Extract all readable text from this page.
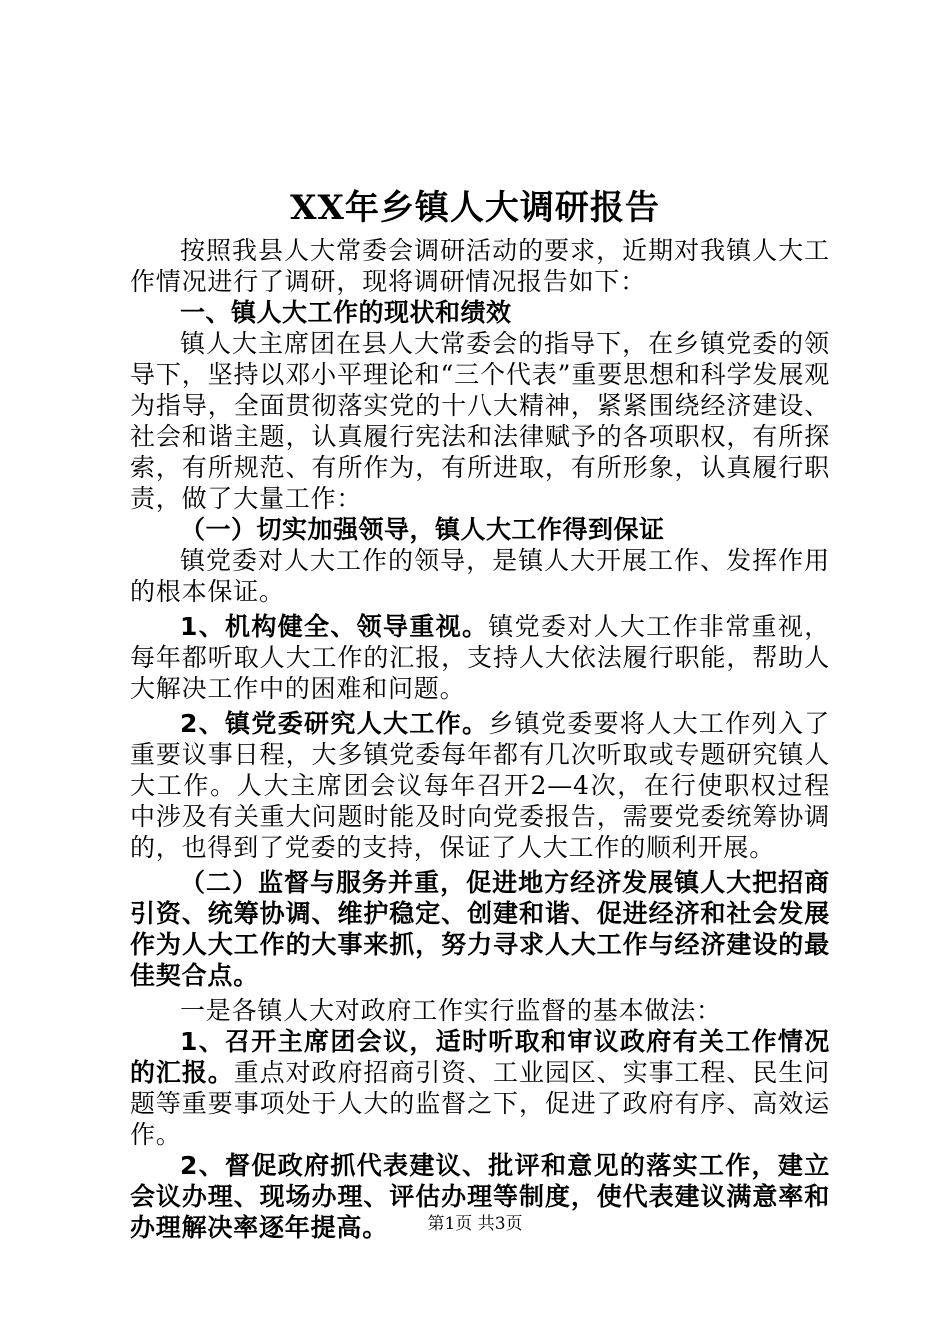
XX年乡镇人大调研报告

按照我县人大常委会调研活动的要求，近期对我镇人大工作情况进行了调研，现将调研情况报告如下：

一、镇人大工作的现状和绩效

镇人大主席团在县人大常委会的指导下，在乡镇党委的领导下，坚持以邓小平理论和“三个代表”重要思想和科学发展观为指导，全面贯彻落实党的十八大精神，紧紧围绕经济建设、社会和谐主题，认真履行宪法和法律赋予的各项职权，有所探索，有所规范、有所作为，有所进取，有所形象，认真履行职责，做了大量工作：

（一）切实加强领导，镇人大工作得到保证

镇党委对人大工作的领导，是镇人大开展工作、发挥作用的根本保证。

1、机构健全、领导重视。镇党委对人大工作非常重视，每年都听取人大工作的汇报，支持人大依法履行职能，帮助人大解决工作中的困难和问题。

2、镇党委研究人大工作。乡镇党委要将人大工作列入了重要议事日程，大多镇党委每年都有几次听取或专题研究镇人大工作。人大主席团会议每年召开2—4次，在行使职权过程中涉及有关重大问题时能及时向党委报告，需要党委统筹协调的，也得到了党委的支持，保证了人大工作的顺利开展。

（二）监督与服务并重，促进地方经济发展镇人大把招商引资、统筹协调、维护稳定、创建和谐、促进经济和社会发展作为人大工作的大事来抓，努力寻求人大工作与经济建设的最佳契合点。

一是各镇人大对政府工作实行监督的基本做法：

1、召开主席团会议，适时听取和审议政府有关工作情况的汇报。重点对政府招商引资、工业园区、实事工程、民生问题等重要事项处于人大的监督之下，促进了政府有序、高效运作。

2、督促政府抓代表建议、批评和意见的落实工作，建立会议办理、现场办理、评估办理等制度，使代表建议满意率和办理解决率逐年提高。	第1页 共3页
